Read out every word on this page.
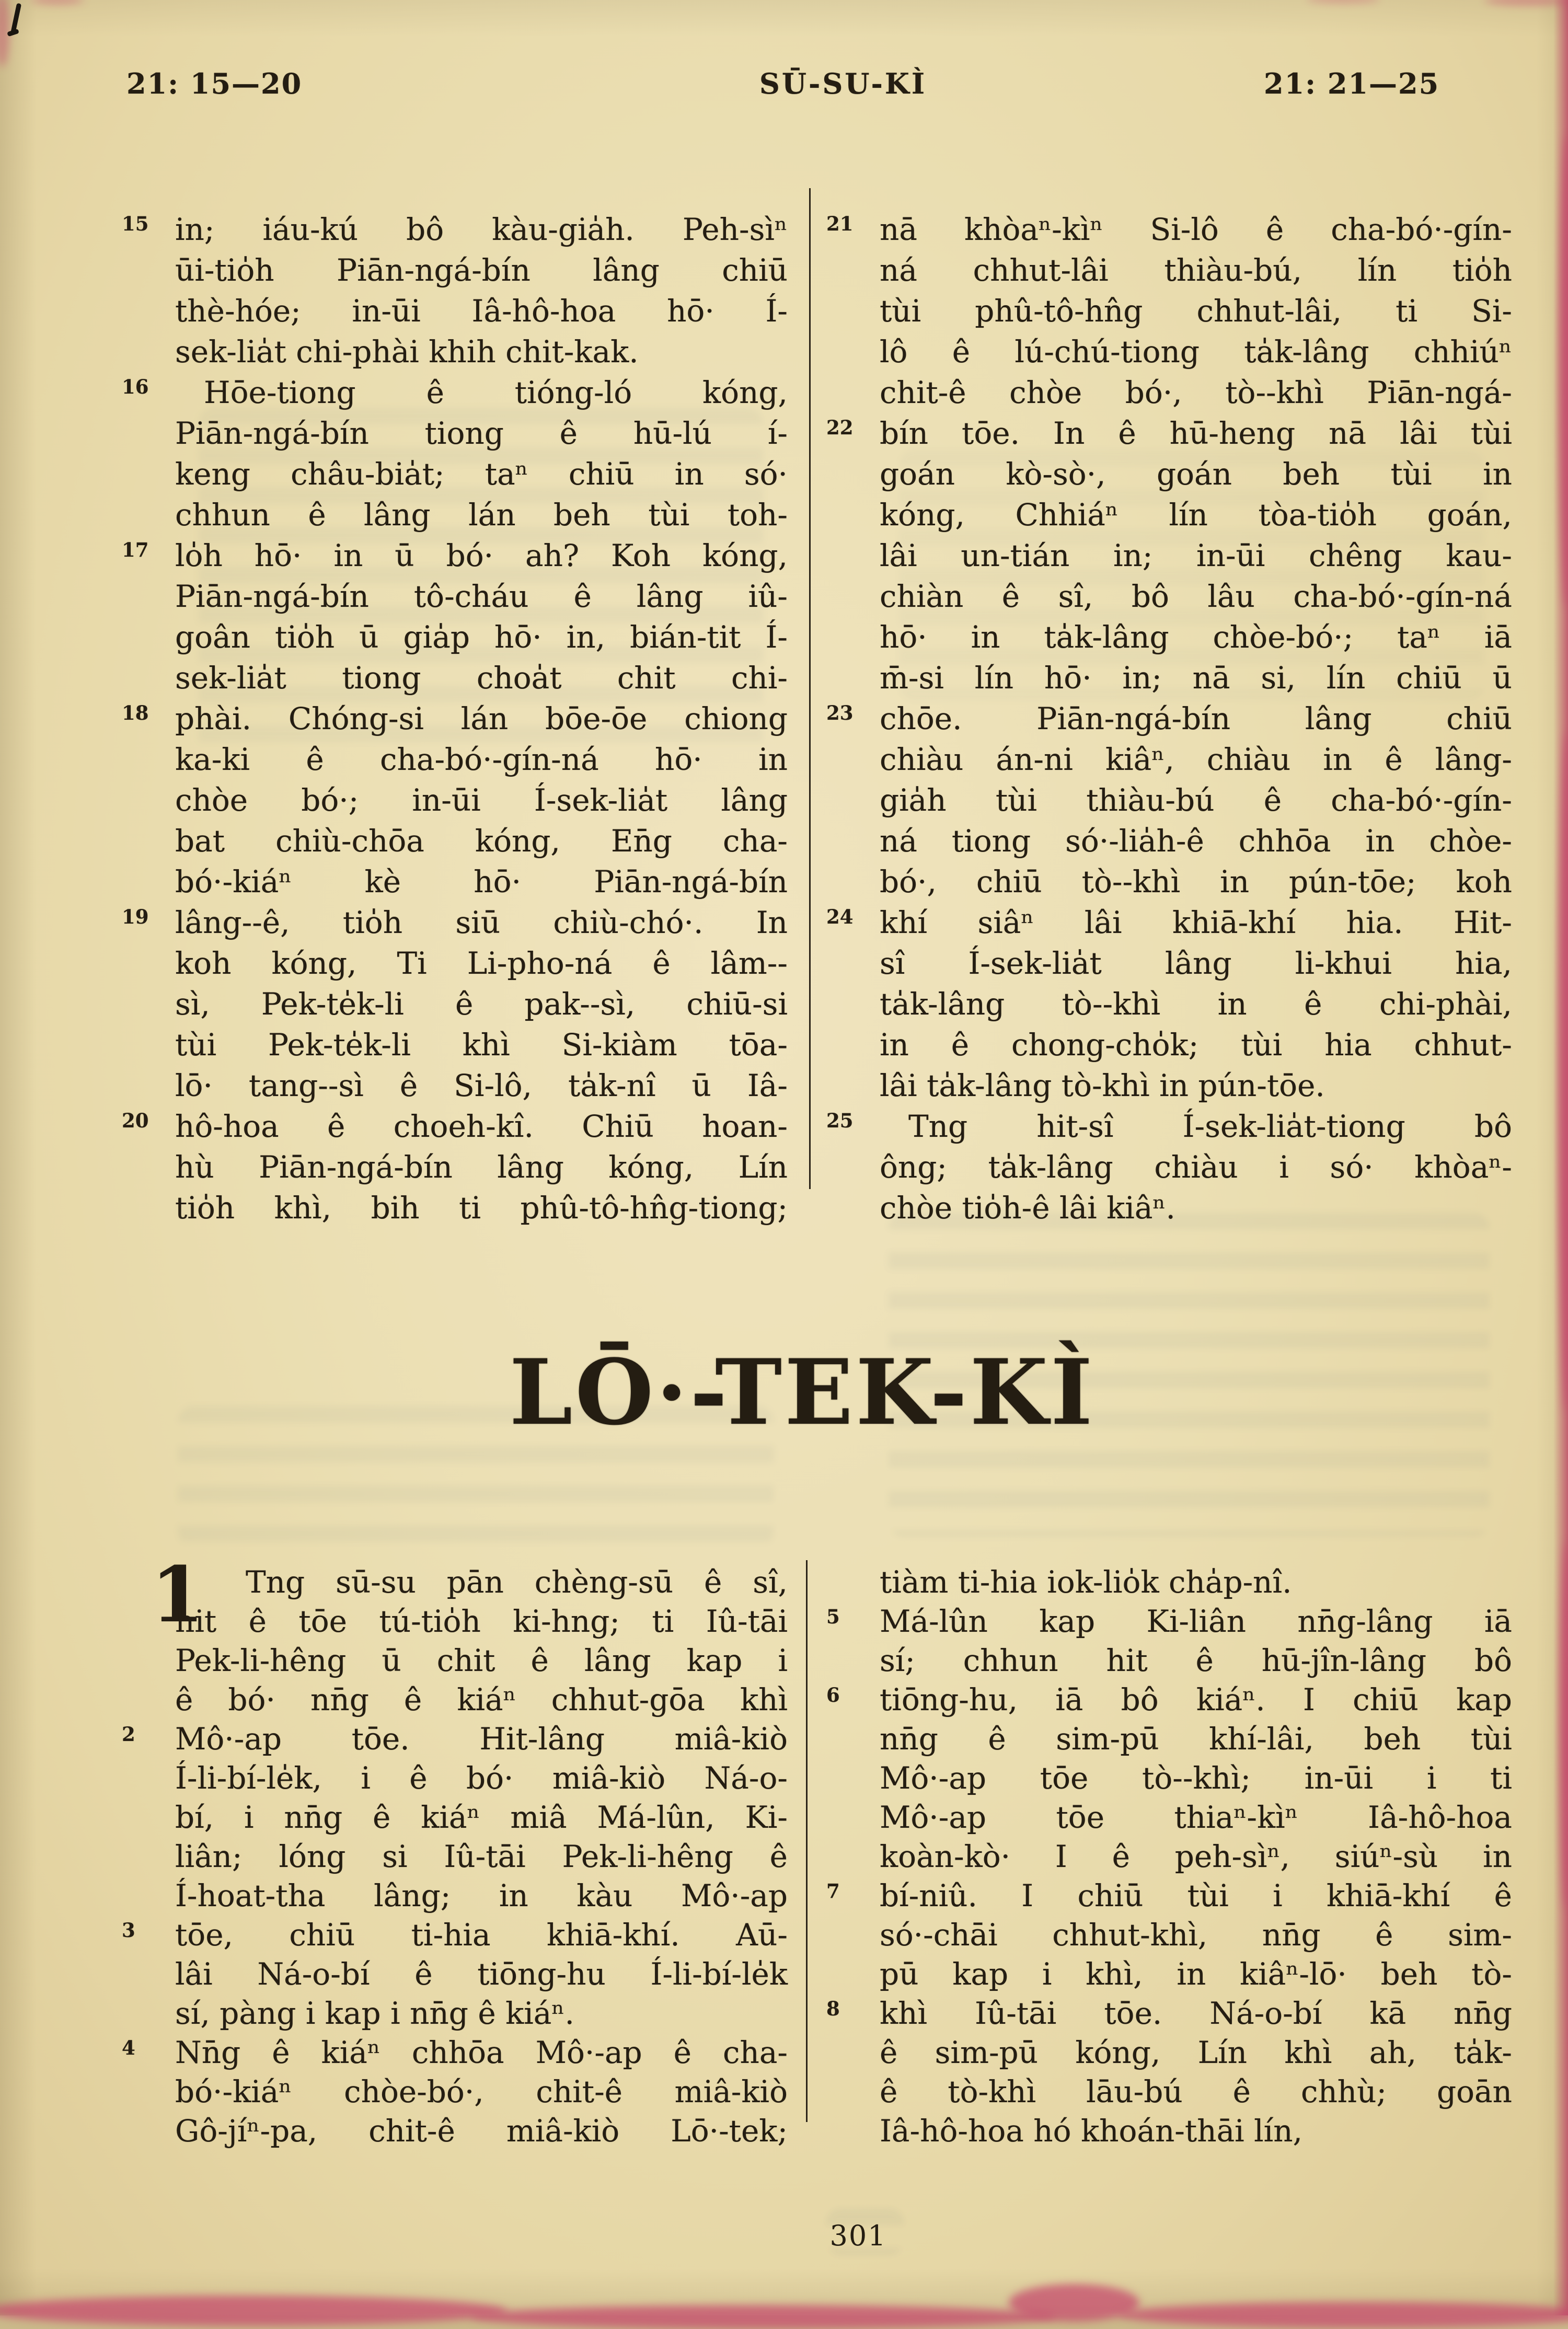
21: 15—20	SŪ-SU-KÌ	21: 21—25
15 in; iáu-kú bô kàu-gia̍h. Peh-sìⁿ
ūi-tio̍h Piān-ngá-bín lâng chiū
thè-hóe; in-ūi Iâ-hô-hoa hō· Í-
sek-lia̍t chi-phài khih chit-kak.
16	Hōe-tiong ê tióng-ló kóng,
Piān-ngá-bín tiong ê hū-lú í-
keng châu-bia̍t; taⁿ chiū in só·
chhun ê lâng lán beh tùi toh-
17 lo̍h hō· in ū bó· ah? Koh kóng,
Piān-ngá-bín tô-cháu ê lâng iû-
goân tio̍h ū gia̍p hō· in, bián-tit Í-
sek-lia̍t tiong choa̍t chit chi-
18 phài. Chóng-si lán bōe-ōe chiong
ka-ki ê cha-bó·-gín-ná hō· in
chòe bó·; in-ūi Í-sek-lia̍t lâng
bat chiù-chōa kóng, En̄g cha-
bó·-kiáⁿ kè hō· Piān-ngá-bín
19 lâng--ê, tio̍h siū chiù-chó·. In
koh kóng, Ti Li-pho-ná ê lâm--
sì, Pek-te̍k-li ê pak--sì, chiū-si
tùi Pek-te̍k-li khì Si-kiàm tōa-
lō· tang--sì ê Si-lô, ta̍k-nî ū Iâ-
20 hô-hoa ê choeh-kî. Chiū hoan-
hù Piān-ngá-bín lâng kóng, Lín
tio̍h khì, bih ti phû-tô-hn̂g-tiong;
21 nā khòaⁿ-kìⁿ Si-lô ê cha-bó·-gín-
ná chhut-lâi thiàu-bú, lín tio̍h
tùi phû-tô-hn̂g chhut-lâi, ti Si-
lô ê lú-chú-tiong ta̍k-lâng chhiúⁿ
chit-ê chòe bó·, tò--khì Piān-ngá-
22 bín tōe. In ê hū-heng nā lâi tùi
goán kò-sò·, goán beh tùi in
kóng, Chhiáⁿ lín tòa-tio̍h goán,
lâi un-tián in; in-ūi chêng kau-
chiàn ê sî, bô lâu cha-bó·-gín-ná
hō· in ta̍k-lâng chòe-bó·; taⁿ iā
m̄-si lín hō· in; nā si, lín chiū ū
23 chōe. Piān-ngá-bín lâng chiū
chiàu án-ni kiâⁿ, chiàu in ê lâng-
gia̍h tùi thiàu-bú ê cha-bó·-gín-
ná tiong só·-lia̍h-ê chhōa in chòe-
bó·, chiū tò--khì in pún-tōe; koh
24 khí siâⁿ lâi khiā-khí hia. Hit-
sî Í-sek-lia̍t lâng li-khui hia,
ta̍k-lâng tò--khì in ê chi-phài,
in ê chong-cho̍k; tùi hia chhut-
lâi ta̍k-lâng tò-khì in pún-tōe.
25	Tng hit-sî Í-sek-lia̍t-tiong bô
ông; ta̍k-lâng chiàu i só· khòaⁿ-
chòe tio̍h-ê lâi kiâⁿ.
LŌ·-TEK-KÌ
1 Tng sū-su pān chèng-sū ê sî,
hit ê tōe tú-tio̍h ki-hng; ti Iû-tāi
Pek-li-hêng ū chit ê lâng kap i
ê bó· nn̄g ê kiáⁿ chhut-gōa khì
2	Mô·-ap tōe. Hit-lâng miâ-kiò
Í-li-bí-le̍k, i ê bó· miâ-kiò Ná-o-
bí, i nn̄g ê kiáⁿ miâ Má-lûn, Ki-
liân; lóng si Iû-tāi Pek-li-hêng ê
Í-hoat-tha lâng; in kàu Mô·-ap
3	tōe, chiū ti-hia khiā-khí. Aū-
lâi Ná-o-bí ê tiōng-hu Í-li-bí-le̍k
sí, pàng i kap i nn̄g ê kiáⁿ.
4	Nn̄g ê kiáⁿ chhōa Mô·-ap ê cha-
bó·-kiáⁿ chòe-bó·, chit-ê miâ-kiò
Gô-jíⁿ-pa, chit-ê miâ-kiò Lō·-tek;
tiàm ti-hia iok-lio̍k cha̍p-nî.
5	Má-lûn kap Ki-liân nn̄g-lâng iā
sí; chhun hit ê hū-jîn-lâng bô
6	tiōng-hu, iā bô kiáⁿ. I chiū kap
nn̄g ê sim-pū khí-lâi, beh tùi
Mô·-ap tōe tò--khì; in-ūi i ti
Mô·-ap tōe thiaⁿ-kìⁿ Iâ-hô-hoa
koàn-kò· I ê peh-sìⁿ, siúⁿ-sù in
7	bí-niû. I chiū tùi i khiā-khí ê
só·-chāi chhut-khì, nn̄g ê sim-
pū kap i khì, in kiâⁿ-lō· beh tò-
8	khì Iû-tāi tōe. Ná-o-bí kā nn̄g
ê sim-pū kóng, Lín khì ah, ta̍k-
ê tò-khì lāu-bú ê chhù; goān
Iâ-hô-hoa hó khoán-thāi lín,
301
